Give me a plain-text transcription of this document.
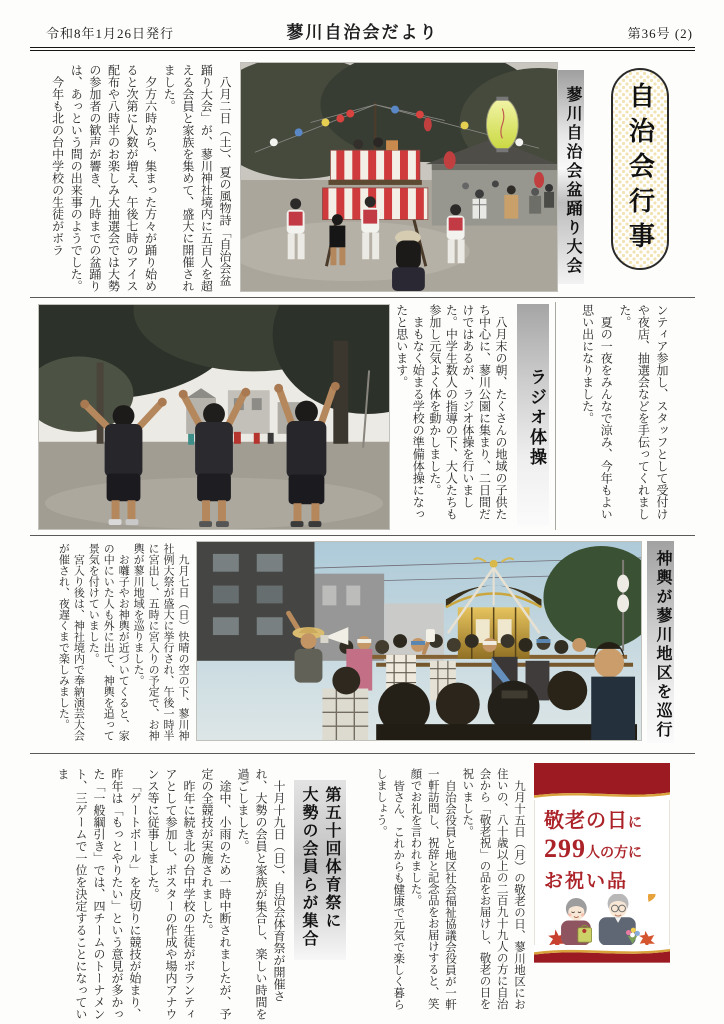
令和8年1月26日発行	蓼川自治会だより	第36号 (2)
自治会行事
蓼川自治会盆踊り大会

八月二日（土）、夏の風物詩「自治会盆踊り大会」が、蓼川神社境内に五百人を超える会員と家族を集めて、盛大に開催されました。

夕方六時から、集まった方々が踊り始めると次第に人数が増え、午後七時のアイス配布や八時半のお楽しみ大抽選会では大勢の参加者の歓声が響き、九時までの盆踊りは、あっという間の出来事のようでした。

今年も北の台中学校の生徒がボラ

ンティア参加し、スタッフとして受付けや夜店、抽選会などを手伝ってくれました。

夏の一夜をみんなで涼み、今年もよい思い出になりました。

ラジオ体操

八月末の朝、たくさんの地域の子供たち中心に、蓼川公園に集まり、二日間だけではあるが、ラジオ体操を行いました。中学生数人の指導の下、大人たちも参加し元気よく体を動かしました。

まもなく始まる学校の準備体操になったと思います。

神輿が蓼川地区を巡行

九月七日（日）快晴の空の下、蓼川神社例大祭が盛大に挙行され、午後一時半に宮出し、五時に宮入りの予定で、お神輿が蓼川地域を巡りました。

お囃子やお神輿が近づいてくると、家の中にいた人も外に出て、神輿を追って景気を付けていました。

宮入り後は、神社境内で奉納演芸大会が催され、夜遅くまで楽しみました。

敬老の日に
299人の方に
お祝い品

九月十五日（月）の敬老の日、蓼川地区にお住いの、八十歳以上の二百九十九人の方に自治会から「敬老祝」の品をお届けし、敬老の日を祝いました。

自治会役員と地区社会福祉協議会役員が一軒一軒訪問し、祝辞と記念品をお届けすると、笑顔でお礼を言われました。

皆さん、これからも健康で元気で楽しく暮らしましょう。

第五十回体育祭に
大勢の会員らが集合

十月十九日（日）、自治会体育祭が開催され、大勢の会員と家族が集合し、楽しい時間を過ごしました。

途中、小雨のため一時中断されましたが、予定の全競技が実施されました。

昨年に続き北の台中学校の生徒がボランティアとして参加し、ポスターの作成や場内アナウンス等に従事しました。

「ゲートボール」を皮切りに競技が始まり、昨年は「もっとやりたい」という意見が多かった「一般綱引き」では、四チームのトーナメント、三ゲームで一位を決定することになっていま
